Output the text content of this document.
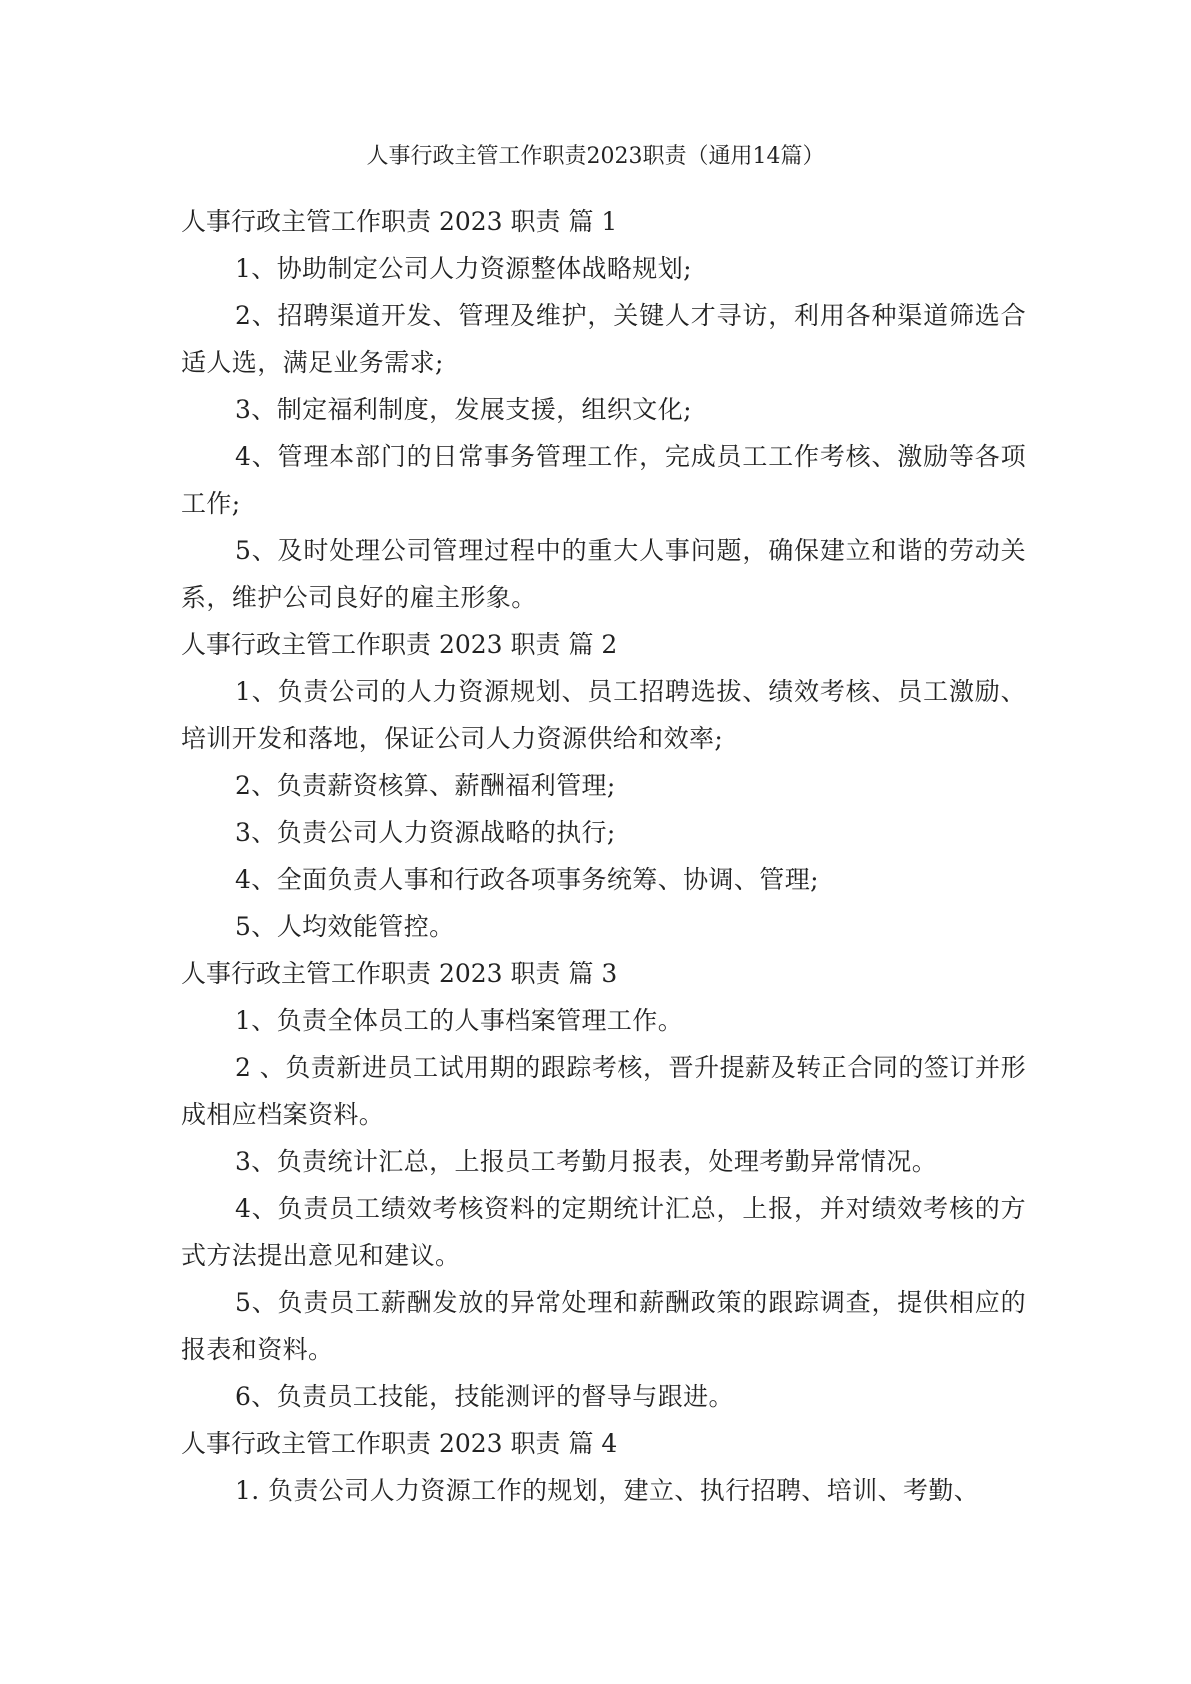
人事行政主管工作职责2023职责（通用14篇）
人事行政主管工作职责 2023 职责 篇 1

1、协助制定公司人力资源整体战略规划;

2、招聘渠道开发、管理及维护，关键人才寻访，利用各种渠道筛选合适人选，满足业务需求;

3、制定福利制度，发展支援，组织文化;

4、管理本部门的日常事务管理工作，完成员工工作考核、激励等各项工作;

5、及时处理公司管理过程中的重大人事问题，确保建立和谐的劳动关系，维护公司良好的雇主形象。

人事行政主管工作职责 2023 职责 篇 2

1、负责公司的人力资源规划、员工招聘选拔、绩效考核、员工激励、培训开发和落地，保证公司人力资源供给和效率;

2、负责薪资核算、薪酬福利管理;

3、负责公司人力资源战略的执行;

4、全面负责人事和行政各项事务统筹、协调、管理;

5、人均效能管控。

人事行政主管工作职责 2023 职责 篇 3

1、负责全体员工的人事档案管理工作。

2 、负责新进员工试用期的跟踪考核，晋升提薪及转正合同的签订并形成相应档案资料。

3、负责统计汇总，上报员工考勤月报表，处理考勤异常情况。

4、负责员工绩效考核资料的定期统计汇总，上报，并对绩效考核的方式方法提出意见和建议。

5、负责员工薪酬发放的异常处理和薪酬政策的跟踪调查，提供相应的报表和资料。

6、负责员工技能，技能测评的督导与跟进。

人事行政主管工作职责 2023 职责 篇 4

1. 负责公司人力资源工作的规划，建立、执行招聘、培训、考勤、
